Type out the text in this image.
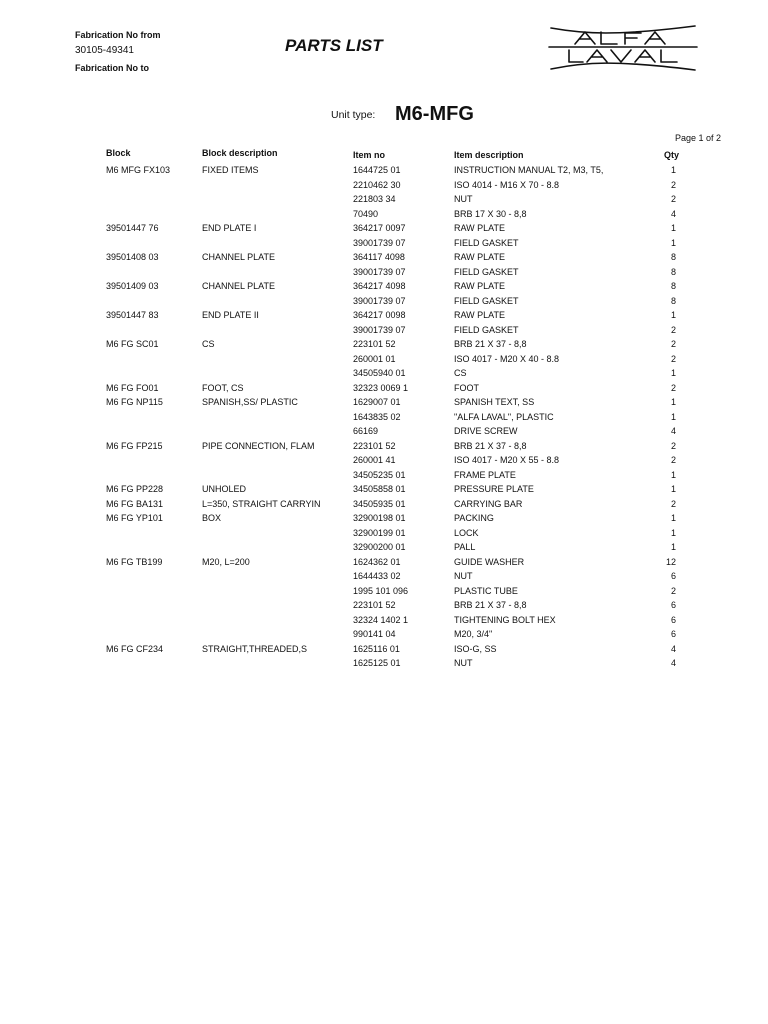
Fabrication No from
30105-49341
Fabrication No to
PARTS LIST
Unit type: M6-MFG
Page 1 of 2
Block	Block description	Item no	Item description	Qty
M6 MFG FX103	FIXED ITEMS	1644725 01	INSTRUCTION MANUAL T2, M3, T5,	1
		2210462 30	ISO 4014 - M16 X 70 - 8.8	2
		221803 34	NUT	2
		70490	BRB 17 X 30 - 8,8	4
39501447 76	END PLATE I	364217 0097	RAW PLATE	1
		39001739 07	FIELD GASKET	1
39501408 03	CHANNEL PLATE	364117 4098	RAW PLATE	8
		39001739 07	FIELD GASKET	8
39501409 03	CHANNEL PLATE	364217 4098	RAW PLATE	8
		39001739 07	FIELD GASKET	8
39501447 83	END PLATE II	364217 0098	RAW PLATE	1
		39001739 07	FIELD GASKET	2
M6 FG SC01	CS	223101 52	BRB 21 X 37 - 8,8	2
		260001 01	ISO 4017 - M20 X 40 - 8.8	2
		34505940 01	CS	1
M6 FG FO01	FOOT, CS	32323 0069 1	FOOT	2
M6 FG NP115	SPANISH,SS/ PLASTIC	1629007 01	SPANISH TEXT, SS	1
		1643835 02	"ALFA LAVAL", PLASTIC	1
		66169	DRIVE SCREW	4
M6 FG FP215	PIPE CONNECTION, FLAM	223101 52	BRB 21 X 37 - 8,8	2
		260001 41	ISO 4017 - M20 X 55 - 8.8	2
		34505235 01	FRAME PLATE	1
M6 FG PP228	UNHOLED	34505858 01	PRESSURE PLATE	1
M6 FG BA131	L=350, STRAIGHT CARRYIN	34505935 01	CARRYING BAR	2
M6 FG YP101	BOX	32900198 01	PACKING	1
		32900199 01	LOCK	1
		32900200 01	PALL	1
M6 FG TB199	M20, L=200	1624362 01	GUIDE WASHER	12
		1644433 02	NUT	6
		1995 101 096	PLASTIC TUBE	2
		223101 52	BRB 21 X 37 - 8,8	6
		32324 1402 1	TIGHTENING BOLT HEX	6
		990141 04	M20, 3/4"	6
M6 FG CF234	STRAIGHT,THREADED,S	1625116 01	ISO-G, SS	4
		1625125 01	NUT	4
